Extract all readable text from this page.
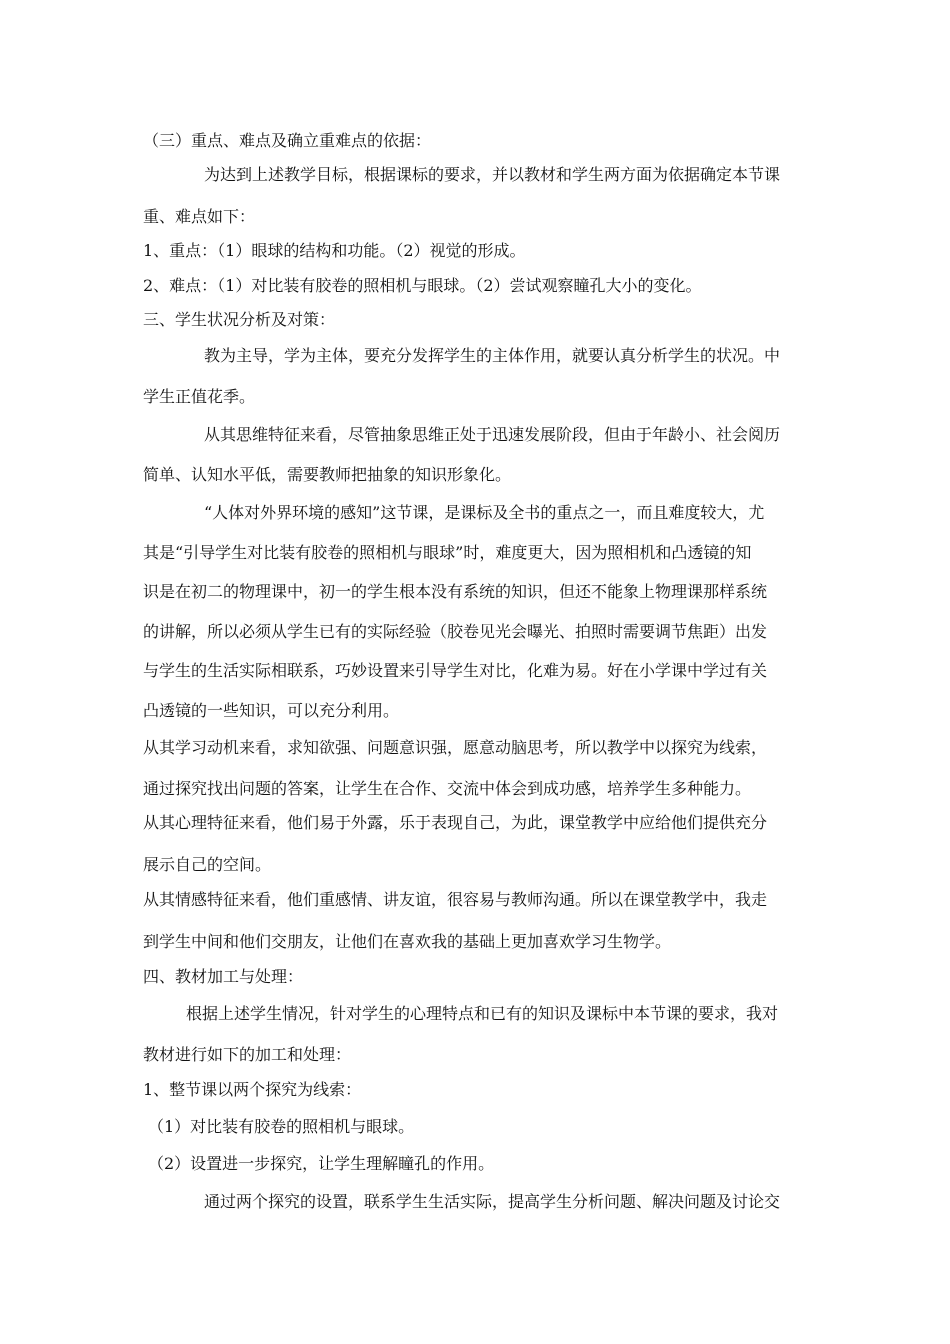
（三）重点、难点及确立重难点的依据：
为达到上述教学目标，根据课标的要求，并以教材和学生两方面为依据确定本节课
重、难点如下：
1、重点：（1）眼球的结构和功能。（2）视觉的形成。
2、难点：（1）对比装有胶卷的照相机与眼球。（2）尝试观察瞳孔大小的变化。
三、学生状况分析及对策：
教为主导，学为主体，要充分发挥学生的主体作用，就要认真分析学生的状况。中
学生正值花季。
从其思维特征来看，尽管抽象思维正处于迅速发展阶段，但由于年龄小、社会阅历
简单、认知水平低，需要教师把抽象的知识形象化。
“人体对外界环境的感知”这节课，是课标及全书的重点之一，而且难度较大，尤
其是“引导学生对比装有胶卷的照相机与眼球”时，难度更大，因为照相机和凸透镜的知
识是在初二的物理课中，初一的学生根本没有系统的知识，但还不能象上物理课那样系统
的讲解，所以必须从学生已有的实际经验（胶卷见光会曝光、拍照时需要调节焦距）出发
与学生的生活实际相联系，巧妙设置来引导学生对比，化难为易。好在小学课中学过有关
凸透镜的一些知识，可以充分利用。
从其学习动机来看，求知欲强、问题意识强，愿意动脑思考，所以教学中以探究为线索，
通过探究找出问题的答案，让学生在合作、交流中体会到成功感，培养学生多种能力。
从其心理特征来看，他们易于外露，乐于表现自己，为此，课堂教学中应给他们提供充分
展示自己的空间。
从其情感特征来看，他们重感情、讲友谊，很容易与教师沟通。所以在课堂教学中，我走
到学生中间和他们交朋友，让他们在喜欢我的基础上更加喜欢学习生物学。
四、教材加工与处理：
根据上述学生情况，针对学生的心理特点和已有的知识及课标中本节课的要求，我对
教材进行如下的加工和处理：
1、整节课以两个探究为线索：
（1）对比装有胶卷的照相机与眼球。
（2）设置进一步探究，让学生理解瞳孔的作用。
通过两个探究的设置，联系学生生活实际，提高学生分析问题、解决问题及讨论交
